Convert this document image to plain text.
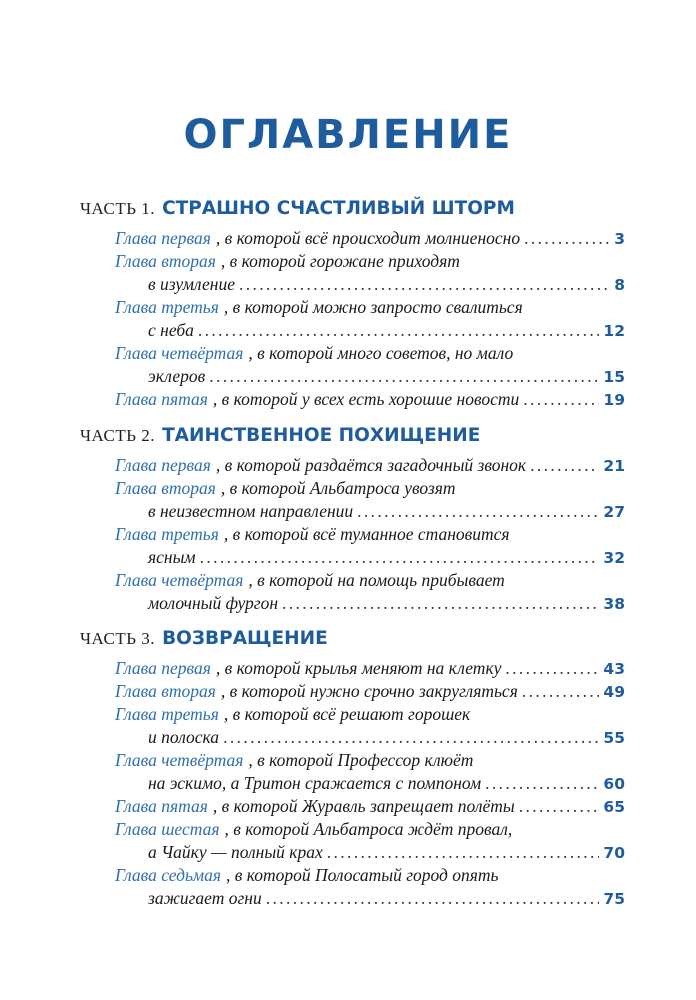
ОГЛАВЛЕНИЕ
ЧАСТЬ 1. СТРАШНО СЧАСТЛИВЫЙ ШТОРМ
Глава первая , в которой всё происходит молниеносно . . .	3
Глава вторая , в которой горожане приходят
в изумление . . .	8
Глава третья , в которой можно запросто свалиться
с неба . . .	12
Глава четвёртая , в которой много советов, но мало
эклеров . . .	15
Глава пятая , в которой у всех есть хорошие новости . . .	19
ЧАСТЬ 2. ТАИНСТВЕННОЕ ПОХИЩЕНИЕ
Глава первая , в которой раздаётся загадочный звонок . . .	21
Глава вторая , в которой Альбатроса увозят
в неизвестном направлении . . .	27
Глава третья , в которой всё туманное становится
ясным . . .	32
Глава четвёртая , в которой на помощь прибывает
молочный фургон . . .	38
ЧАСТЬ 3. ВОЗВРАЩЕНИЕ
Глава первая , в которой крылья меняют на клетку . . .	43
Глава вторая , в которой нужно срочно закругляться . . .	49
Глава третья , в которой всё решают горошек
и полоска . . .	55
Глава четвёртая , в которой Профессор клюёт
на эскимо, а Тритон сражается с помпоном . . .	60
Глава пятая , в которой Журавль запрещает полёты . . .	65
Глава шестая , в которой Альбатроса ждёт провал,
а Чайку — полный крах . . .	70
Глава седьмая , в которой Полосатый город опять
зажигает огни . . .	75
